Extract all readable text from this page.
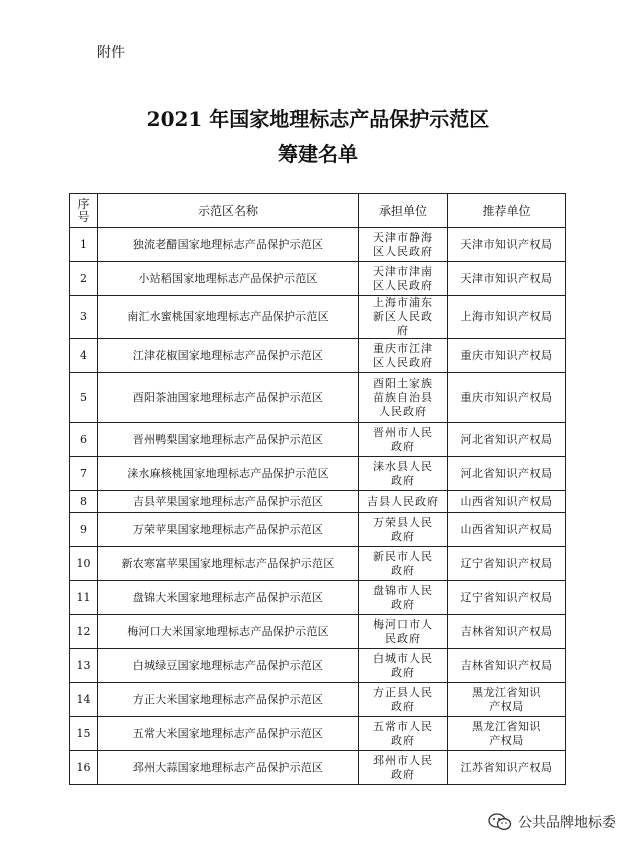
附件
2021 年国家地理标志产品保护示范区
筹建名单
序号	示范区名称	承担单位	推荐单位

1	独流老醋国家地理标志产品保护示范区	天津市静海区人民政府	天津市知识产权局

2	小站稻国家地理标志产品保护示范区	天津市津南区人民政府	天津市知识产权局

3	南汇水蜜桃国家地理标志产品保护示范区	上海市浦东新区人民政府	上海市知识产权局

4	江津花椒国家地理标志产品保护示范区	重庆市江津区人民政府	重庆市知识产权局

5	酉阳茶油国家地理标志产品保护示范区	酉阳土家族苗族自治县人民政府	重庆市知识产权局

6	晋州鸭梨国家地理标志产品保护示范区	晋州市人民政府	河北省知识产权局

7	涞水麻核桃国家地理标志产品保护示范区	涞水县人民政府	河北省知识产权局

8	吉县苹果国家地理标志产品保护示范区	吉县人民政府	山西省知识产权局

9	万荣苹果国家地理标志产品保护示范区	万荣县人民政府	山西省知识产权局

10	新农寒富苹果国家地理标志产品保护示范区	新民市人民政府	辽宁省知识产权局

11	盘锦大米国家地理标志产品保护示范区	盘锦市人民政府	辽宁省知识产权局

12	梅河口大米国家地理标志产品保护示范区	梅河口市人民政府	吉林省知识产权局

13	白城绿豆国家地理标志产品保护示范区	白城市人民政府	吉林省知识产权局

14	方正大米国家地理标志产品保护示范区	方正县人民政府	黑龙江省知识产权局

15	五常大米国家地理标志产品保护示范区	五常市人民政府	黑龙江省知识产权局

16	邳州大蒜国家地理标志产品保护示范区	邳州市人民政府	江苏省知识产权局
公共品牌地标委
